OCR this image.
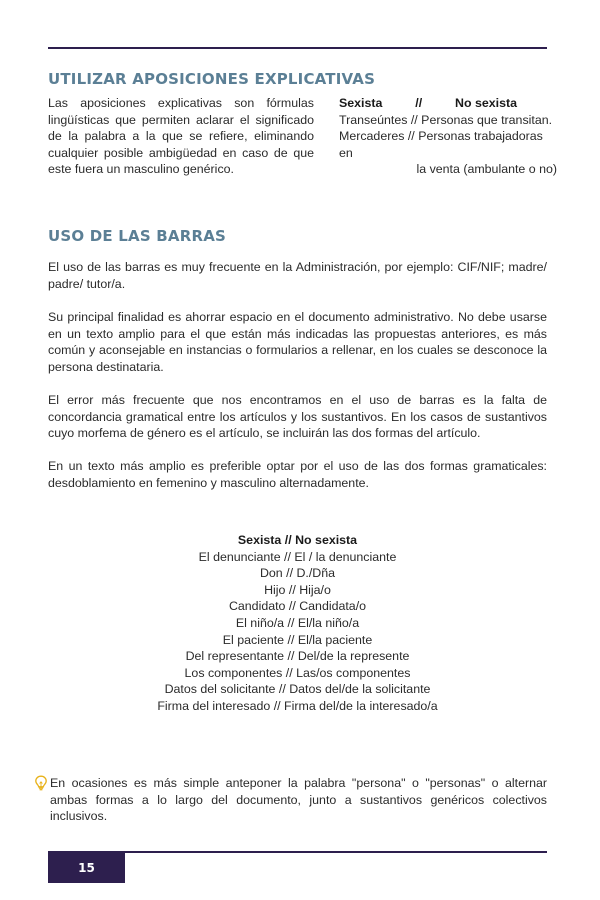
UTILIZAR APOSICIONES EXPLICATIVAS

Las aposiciones explicativas son fórmulas lingüísticas que permiten aclarar el significado de la palabra a la que se refiere, eliminando cualquier posible ambigüedad en caso de que este fuera un masculino genérico.

Sexista	//	No sexista
Transeúntes // Personas que transitan.
Mercaderes // Personas trabajadoras en
la venta (ambulante o no)
USO DE LAS BARRAS

El uso de las barras es muy frecuente en la Administración, por ejemplo: CIF/NIF; madre/ padre/ tutor/a.

Su principal finalidad es ahorrar espacio en el documento administrativo. No debe usarse en un texto amplio para el que están más indicadas las propuestas anteriores, es más común y aconsejable en instancias o formularios a rellenar, en los cuales se desconoce la persona destinataria.

El error más frecuente que nos encontramos en el uso de barras es la falta de concordancia gramatical entre los artículos y los sustantivos. En los casos de sustantivos cuyo morfema de género es el artículo, se incluirán las dos formas del artículo.

En un texto más amplio es preferible optar por el uso de las dos formas gramaticales: desdoblamiento en femenino y masculino alternadamente.

Sexista // No sexista
El denunciante // El / la denunciante
Don // D./Dña
Hijo // Hija/o
Candidato // Candidata/o
El niño/a // El/la niño/a
El paciente // El/la paciente
Del representante // Del/de la represente
Los componentes // Las/os componentes
Datos del solicitante // Datos del/de la solicitante
Firma del interesado // Firma del/de la interesado/a
En ocasiones es más simple anteponer la palabra "persona" o "personas" o alternar ambas formas a lo largo del documento, junto a sustantivos genéricos colectivos inclusivos.
15
